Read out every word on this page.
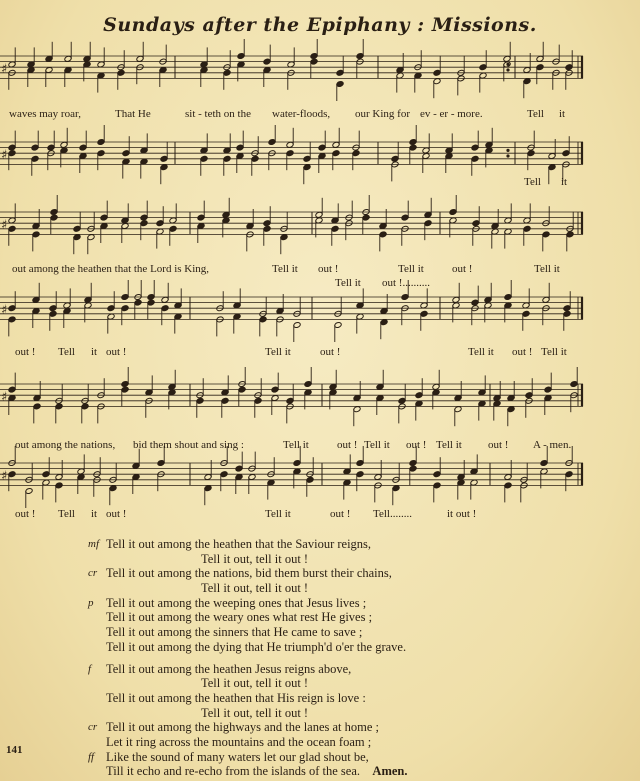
Sundays after the Epiphany : Missions.
♯
♯
♯
♯
♯
♯
waves may roar,	That He	sit - teth on the water-floods, our King for ev - er - more.	Tell it
Tell it
out among the heathen that the Lord is King,	Tell it out !	Tell it	out !	Tell it
Tell it out !..........
out ! Tell it out !	Tell it	out !	Tell it out ! Tell it
out among the nations, bid them shout and sing :	Tell it	out ! Tell it out ! Tell it out ! A - men.
out ! Tell it out !	Tell it	out ! Tell........	it out !
mf Tell it out among the heathen that the Saviour reigns,
Tell it out, tell it out !
cr Tell it out among the nations, bid them burst their chains,
Tell it out, tell it out !
p Tell it out among the weeping ones that Jesus lives ;
Tell it out among the weary ones what rest He gives ;
Tell it out among the sinners that He came to save ;
Tell it out among the dying that He triumph'd o'er the grave.
f Tell it out among the heathen Jesus reigns above,
Tell it out, tell it out !
Tell it out among the heathen that His reign is love :
Tell it out, tell it out !
cr Tell it out among the highways and the lanes at home ;
Let it ring across the mountains and the ocean foam ;
ff Like the sound of many waters let our glad shout be,
Till it echo and re-echo from the islands of the sea. Amen.
141
